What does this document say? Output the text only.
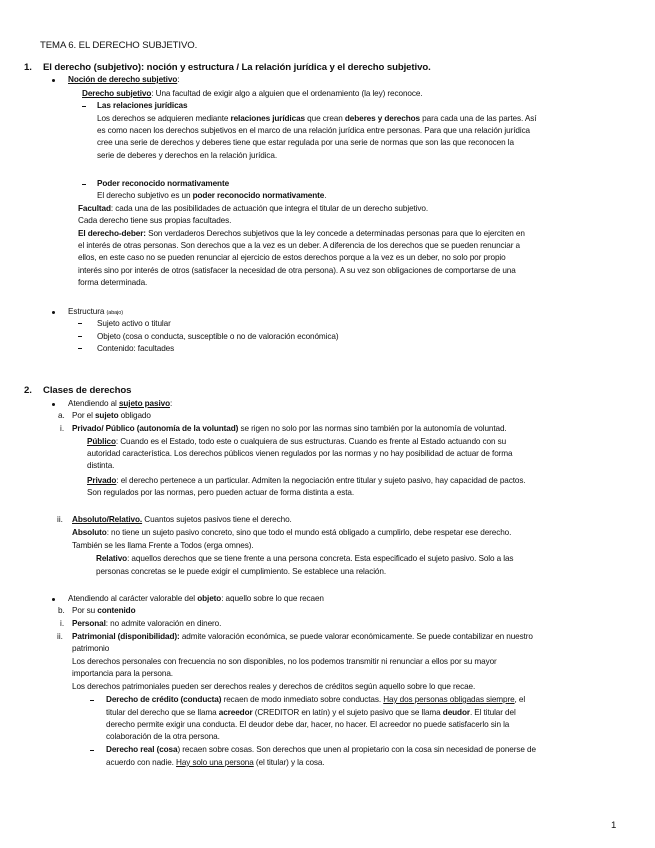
TEMA 6. EL DERECHO SUBJETIVO.
1. El derecho (subjetivo): noción y estructura / La relación jurídica y el derecho subjetivo.
Noción de derecho subjetivo:
Derecho subjetivo: Una facultad de exigir algo a alguien que el ordenamiento (la ley) reconoce.
Las relaciones jurídicas
Los derechos se adquieren mediante relaciones jurídicas que crean deberes y derechos para cada una de las partes. Así
es como nacen los derechos subjetivos en el marco de una relación jurídica entre personas. Para que una relación jurídica
cree una serie de derechos y deberes tiene que estar regulada por una serie de normas que son las que reconocen la
serie de deberes y derechos en la relación jurídica.
Poder reconocido normativamente
El derecho subjetivo es un poder reconocido normativamente.
Facultad: cada una de las posibilidades de actuación que integra el titular de un derecho subjetivo.
Cada derecho tiene sus propias facultades.
El derecho-deber: Son verdaderos Derechos subjetivos que la ley concede a determinadas personas para que lo ejerciten en
el interés de otras personas. Son derechos que a la vez es un deber. A diferencia de los derechos que se pueden renunciar a
ellos, en este caso no se pueden renunciar al ejercicio de estos derechos porque a la vez es un deber, no solo por propio
interés sino por interés de otros (satisfacer la necesidad de otra persona). A su vez son obligaciones de comportarse de una
forma determinada.
Estructura (abajo)
Sujeto activo o titular
Objeto (cosa o conducta, susceptible o no de valoración económica)
Contenido: facultades
2. Clases de derechos
Atendiendo al sujeto pasivo:
a. Por el sujeto obligado
i. Privado/ Público (autonomía de la voluntad) se rigen no solo por las normas sino también por la autonomía de voluntad.
Público: Cuando es el Estado, todo este o cualquiera de sus estructuras. Cuando es frente al Estado actuando con su
autoridad característica. Los derechos públicos vienen regulados por las normas y no hay posibilidad de actuar de forma
distinta.
Privado: el derecho pertenece a un particular. Admiten la negociación entre titular y sujeto pasivo, hay capacidad de pactos.
Son regulados por las normas, pero pueden actuar de forma distinta a esta.
ii. Absoluto/Relativo. Cuantos sujetos pasivos tiene el derecho.
Absoluto: no tiene un sujeto pasivo concreto, sino que todo el mundo está obligado a cumplirlo, debe respetar ese derecho.
También se les llama Frente a Todos (erga omnes).
Relativo: aquellos derechos que se tiene frente a una persona concreta. Esta especificado el sujeto pasivo. Solo a las
personas concretas se le puede exigir el cumplimiento. Se establece una relación.
Atendiendo al carácter valorable del objeto: aquello sobre lo que recaen
b. Por su contenido
i. Personal: no admite valoración en dinero.
ii. Patrimonial (disponibilidad): admite valoración económica, se puede valorar económicamente. Se puede contabilizar en nuestro
patrimonio
Los derechos personales con frecuencia no son disponibles, no los podemos transmitir ni renunciar a ellos por su mayor
importancia para la persona.
Los derechos patrimoniales pueden ser derechos reales y derechos de créditos según aquello sobre lo que recae.
Derecho de crédito (conducta) recaen de modo inmediato sobre conductas. Hay dos personas obligadas siempre, el
titular del derecho que se llama acreedor (CREDITOR en latín) y el sujeto pasivo que se llama deudor. El titular del
derecho permite exigir una conducta. El deudor debe dar, hacer, no hacer. El acreedor no puede satisfacerlo sin la
colaboración de la otra persona.
Derecho real (cosa) recaen sobre cosas. Son derechos que unen al propietario con la cosa sin necesidad de ponerse de
acuerdo con nadie. Hay solo una persona (el titular) y la cosa.
1
